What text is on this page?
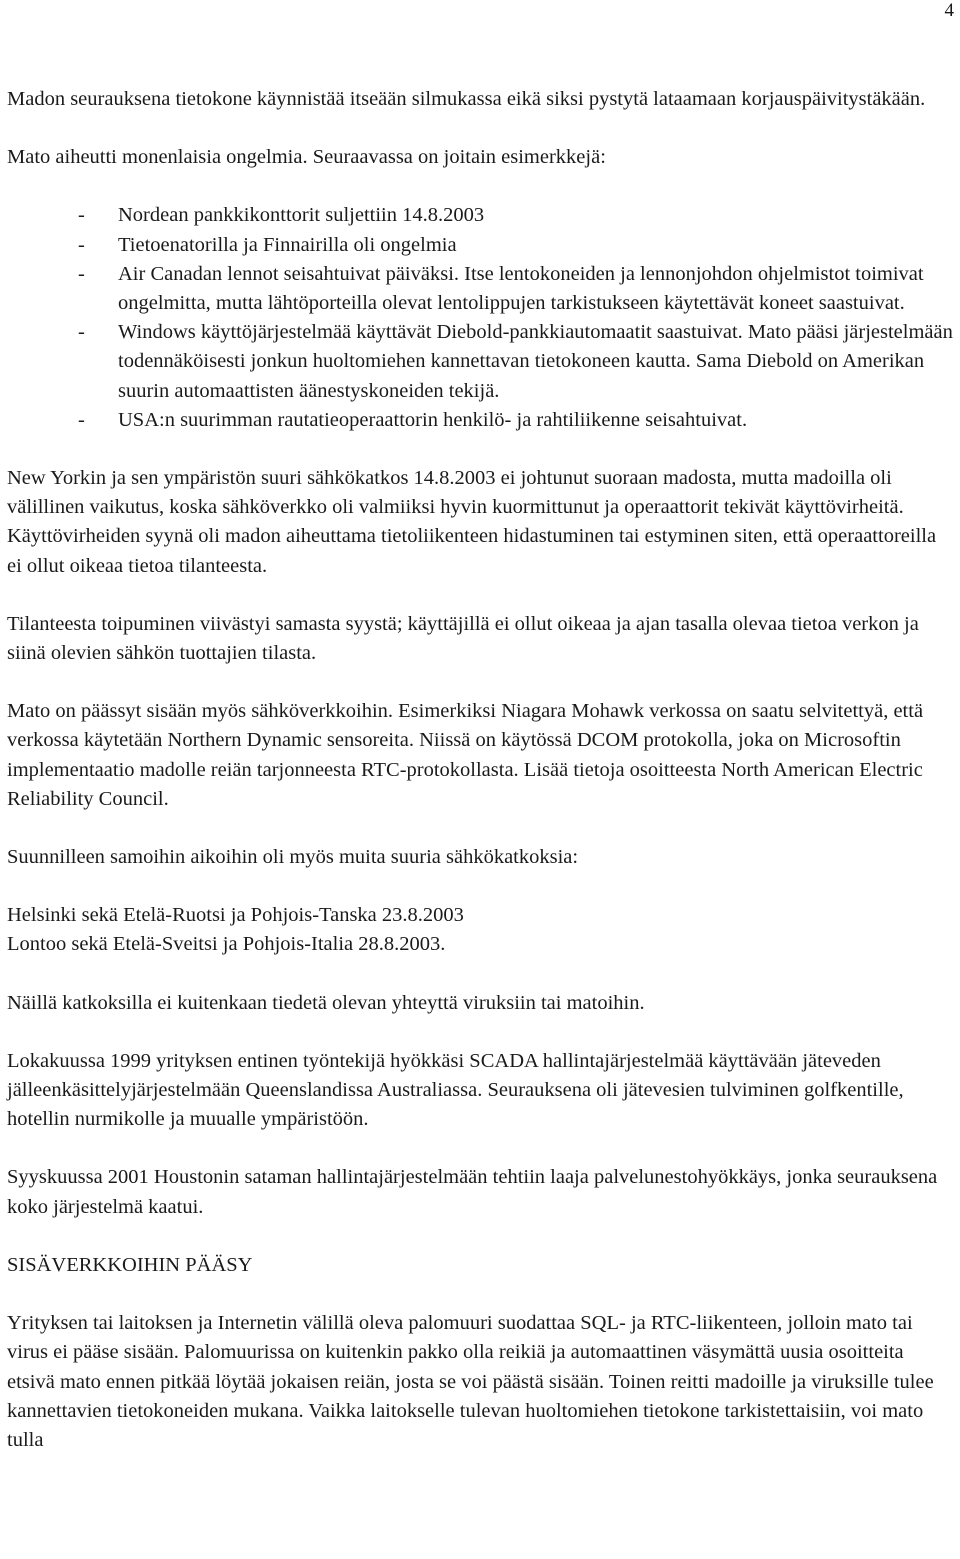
4

Madon seurauksena tietokone käynnistää itseään silmukassa eikä siksi pystytä lataamaan korjauspäivitystäkään.

Mato aiheutti monenlaisia ongelmia. Seuraavassa on joitain esimerkkejä:

- Nordean pankkikonttorit suljettiin 14.8.2003
- Tietoenatorilla ja Finnairilla oli ongelmia
- Air Canadan lennot seisahtuivat päiväksi. Itse lentokoneiden ja lennonjohdon ohjelmistot toimivat ongelmitta, mutta lähtöporteilla olevat lentolippujen tarkistukseen käytettävät koneet saastuivat.
- Windows käyttöjärjestelmää käyttävät Diebold-pankkiautomaatit saastuivat. Mato pääsi järjestelmään todennäköisesti jonkun huoltomiehen kannettavan tietokoneen kautta. Sama Diebold on Amerikan suurin automaattisten äänestyskoneiden tekijä.
- USA:n suurimman rautatieoperaattorin henkilö- ja rahtiliikenne seisahtuivat.

New Yorkin ja sen ympäristön suuri sähkökatkos 14.8.2003 ei johtunut suoraan madosta, mutta madoilla oli välillinen vaikutus, koska sähköverkko oli valmiiksi hyvin kuormittunut ja operaattorit tekivät käyttövirheitä. Käyttövirheiden syynä oli madon aiheuttama tietoliikenteen hidastuminen tai estyminen siten, että operaattoreilla ei ollut oikeaa tietoa tilanteesta.

Tilanteesta toipuminen viivästyi samasta syystä; käyttäjillä ei ollut oikeaa ja ajan tasalla olevaa tietoa verkon ja siinä olevien sähkön tuottajien tilasta.

Mato on päässyt sisään myös sähköverkkoihin. Esimerkiksi Niagara Mohawk verkossa on saatu selvitettyä, että verkossa käytetään Northern Dynamic sensoreita. Niissä on käytössä DCOM protokolla, joka on Microsoftin implementaatio madolle reiän tarjonneesta RTC-protokollasta. Lisää tietoja osoitteesta North American Electric Reliability Council.

Suunnilleen samoihin aikoihin oli myös muita suuria sähkökatkoksia:

Helsinki sekä Etelä-Ruotsi ja Pohjois-Tanska 23.8.2003

Lontoo sekä Etelä-Sveitsi ja Pohjois-Italia 28.8.2003.

Näillä katkoksilla ei kuitenkaan tiedetä olevan yhteyttä viruksiin tai matoihin.

Lokakuussa 1999 yrityksen entinen työntekijä hyökkäsi SCADA hallintajärjestelmää käyttävään jäteveden jälleenkäsittelyjärjestelmään Queenslandissa Australiassa. Seurauksena oli jätevesien tulviminen golfkentille, hotellin nurmikolle ja muualle ympäristöön.

Syyskuussa 2001 Houstonin sataman hallintajärjestelmään tehtiin laaja palvelunestohyökkäys, jonka seurauksena koko järjestelmä kaatui.

SISÄVERKKOIHIN PÄÄSY

Yrityksen tai laitoksen ja Internetin välillä oleva palomuuri suodattaa SQL- ja RTC-liikenteen, jolloin mato tai virus ei pääse sisään. Palomuurissa on kuitenkin pakko olla reikiä ja automaattinen väsymättä uusia osoitteita etsivä mato ennen pitkää löytää jokaisen reiän, josta se voi päästä sisään. Toinen reitti madoille ja viruksille tulee kannettavien tietokoneiden mukana. Vaikka laitokselle tulevan huoltomiehen tietokone tarkistettaisiin, voi mato tulla
